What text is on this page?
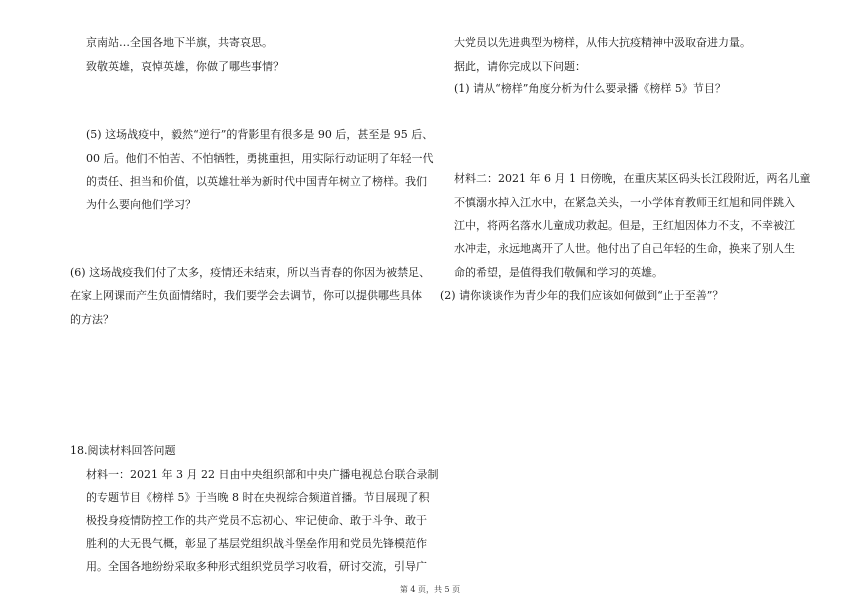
京南站…全国各地下半旗，共寄哀思。
致敬英雄，哀悼英雄，你做了哪些事情？
(5) 这场战疫中，毅然“逆行”的背影里有很多是 90 后，甚至是 95 后、
00 后。他们不怕苦、不怕牺牲，勇挑重担，用实际行动证明了年轻一代
的责任、担当和价值，以英雄壮举为新时代中国青年树立了榜样。我们
为什么要向他们学习？
(6) 这场战疫我们付了太多，疫情还未结束，所以当青春的你因为被禁足、
在家上网课而产生负面情绪时，我们要学会去调节，你可以提供哪些具体
的方法？
18.阅读材料回答问题
材料一：2021 年 3 月 22 日由中央组织部和中央广播电视总台联合录制
的专题节目《榜样 5》于当晚 8 时在央视综合频道首播。节目展现了积
极投身疫情防控工作的共产党员不忘初心、牢记使命、敢于斗争、敢于
胜利的大无畏气概，彰显了基层党组织战斗堡垒作用和党员先锋模范作
用。全国各地纷纷采取多种形式组织党员学习收看，研讨交流，引导广
大党员以先进典型为榜样，从伟大抗疫精神中汲取奋进力量。
据此，请你完成以下问题：
(1) 请从“榜样”角度分析为什么要录播《榜样 5》节目？
材料二：2021 年 6 月 1 日傍晚，在重庆某区码头长江段附近，两名儿童
不慎溺水掉入江水中，在紧急关头，一小学体育教师王红旭和同伴跳入
江中，将两名落水儿童成功救起。但是，王红旭因体力不支，不幸被江
水冲走，永远地离开了人世。他付出了自己年轻的生命，换来了别人生
命的希望，是值得我们敬佩和学习的英雄。
(2) 请你谈谈作为青少年的我们应该如何做到“止于至善”？
第 4 页，共 5 页
